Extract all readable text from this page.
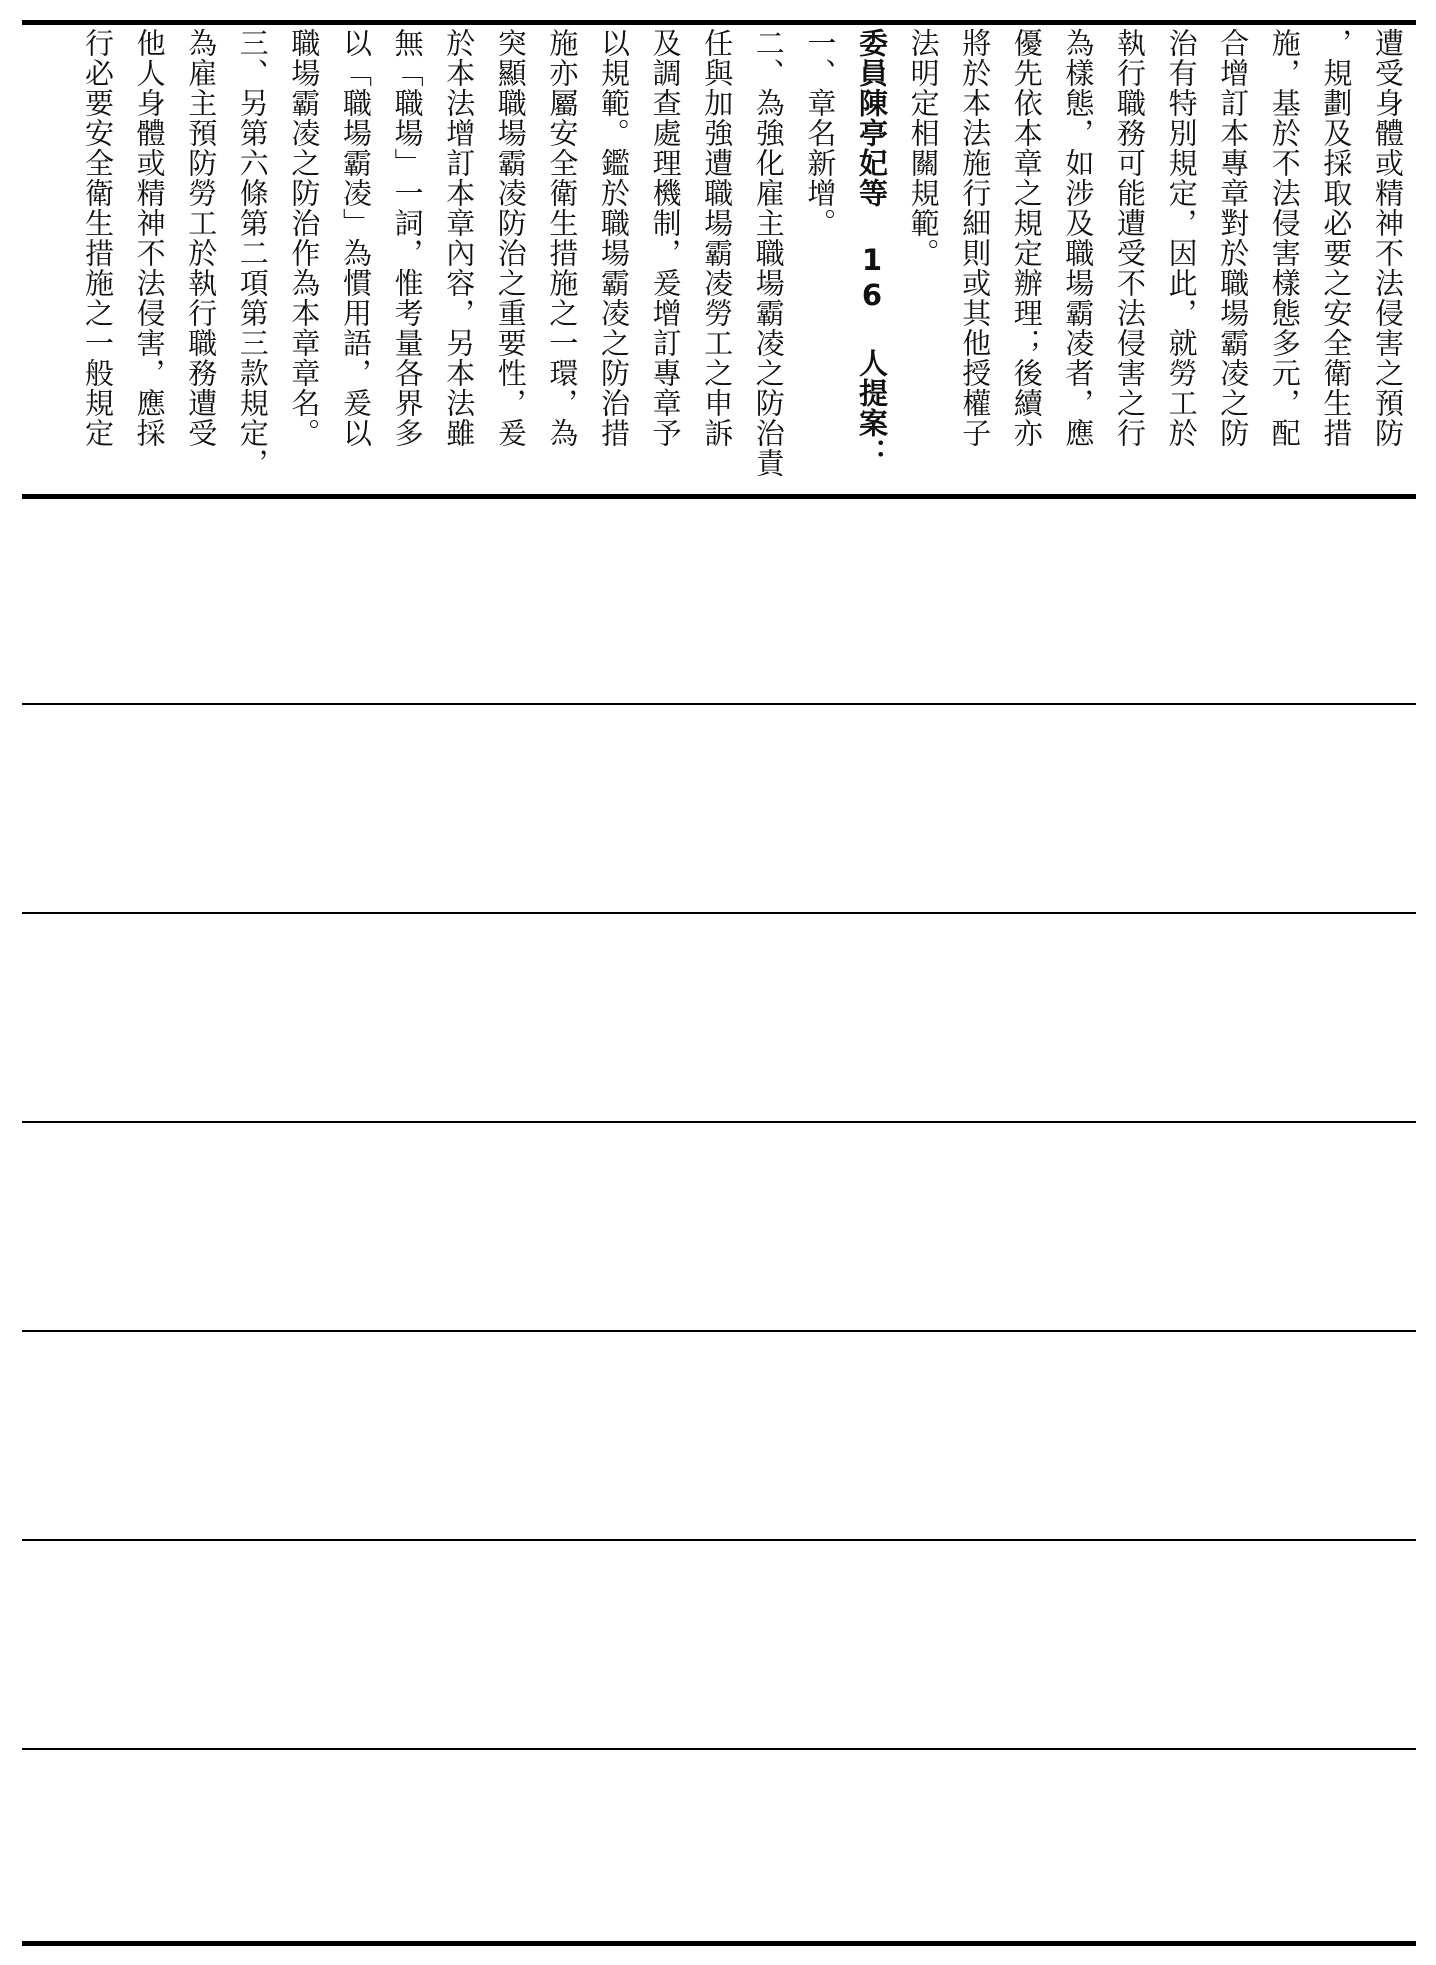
遭受身體或精神不法侵害之預防
，規劃及採取必要之安全衛生措
施，基於不法侵害樣態多元，配
合增訂本專章對於職場霸凌之防
治有特別規定，因此，就勞工於
執行職務可能遭受不法侵害之行
為樣態，如涉及職場霸凌者，應
優先依本章之規定辦理；後續亦
將於本法施行細則或其他授權子
法明定相關規範。
委員陳亭妃等 16 人提案：
一、章名新增。
二、為強化雇主職場霸凌之防治責
任與加強遭職場霸凌勞工之申訴
及調查處理機制，爰增訂專章予
以規範。鑑於職場霸凌之防治措
施亦屬安全衛生措施之一環，為
突顯職場霸凌防治之重要性，爰
於本法增訂本章內容，另本法雖
無「職場」一詞，惟考量各界多
以「職場霸凌」為慣用語，爰以
職場霸凌之防治作為本章章名。
三、另第六條第二項第三款規定，
為雇主預防勞工於執行職務遭受
他人身體或精神不法侵害，應採
行必要安全衛生措施之一般規定
